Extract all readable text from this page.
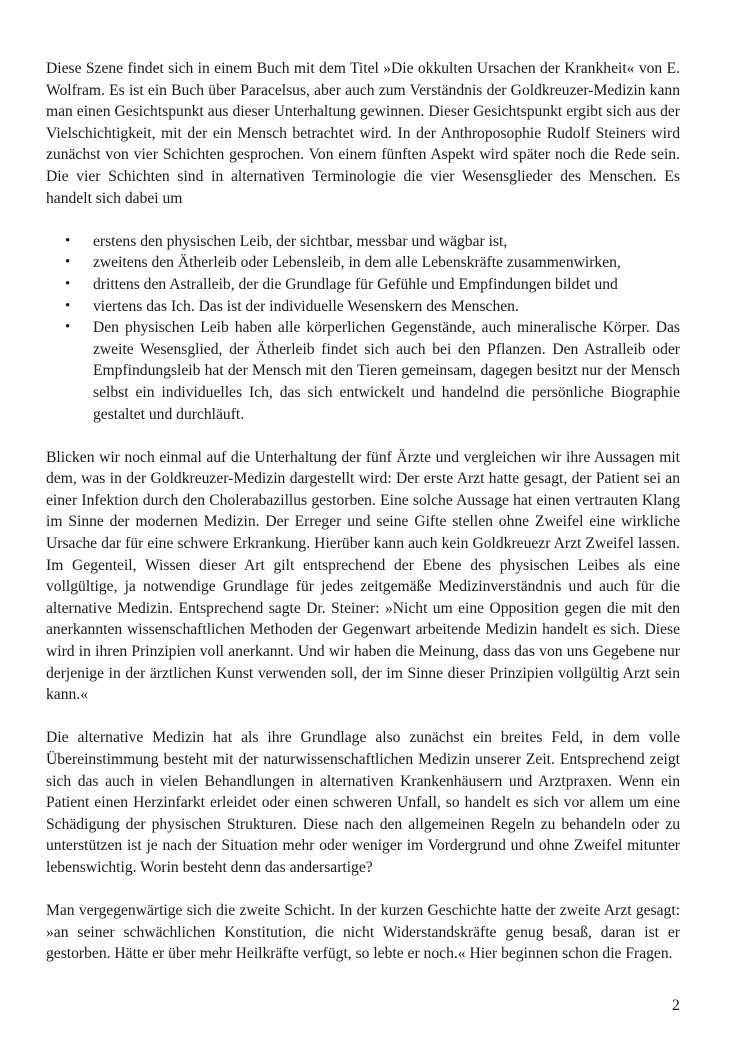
Diese Szene findet sich in einem Buch mit dem Titel »Die okkulten Ursachen der Krankheit« von E. Wolfram. Es ist ein Buch über Paracelsus, aber auch zum Verständnis der Goldkreuzer-Medizin kann man einen Gesichtspunkt aus dieser Unterhaltung gewinnen. Dieser Gesichtspunkt ergibt sich aus der Vielschichtigkeit, mit der ein Mensch betrachtet wird. In der Anthroposophie Rudolf Steiners wird zunächst von vier Schichten gesprochen. Von einem fünften Aspekt wird später noch die Rede sein. Die vier Schichten sind in alternativen Terminologie die vier Wesensglieder des Menschen. Es handelt sich dabei um

• erstens den physischen Leib, der sichtbar, messbar und wägbar ist,
• zweitens den Ätherleib oder Lebensleib, in dem alle Lebenskräfte zusammenwirken,
• drittens den Astralleib, der die Grundlage für Gefühle und Empfindungen bildet und
• viertens das Ich. Das ist der individuelle Wesenskern des Menschen.
• Den physischen Leib haben alle körperlichen Gegenstände, auch mineralische Körper. Das zweite Wesensglied, der Ätherleib findet sich auch bei den Pflanzen. Den Astralleib oder Empfindungsleib hat der Mensch mit den Tieren gemeinsam, dagegen besitzt nur der Mensch selbst ein individuelles Ich, das sich entwickelt und handelnd die persönliche Biographie gestaltet und durchläuft.

Blicken wir noch einmal auf die Unterhaltung der fünf Ärzte und vergleichen wir ihre Aussagen mit dem, was in der Goldkreuzer-Medizin dargestellt wird: Der erste Arzt hatte gesagt, der Patient sei an einer Infektion durch den Cholerabazillus gestorben. Eine solche Aussage hat einen vertrauten Klang im Sinne der modernen Medizin. Der Erreger und seine Gifte stellen ohne Zweifel eine wirkliche Ursache dar für eine schwere Erkrankung. Hierüber kann auch kein Goldkreuezr Arzt Zweifel lassen. Im Gegenteil, Wissen dieser Art gilt entsprechend der Ebene des physischen Leibes als eine vollgültige, ja notwendige Grundlage für jedes zeitgemäße Medizinverständnis und auch für die alternative Medizin. Entsprechend sagte Dr. Steiner: »Nicht um eine Opposition gegen die mit den anerkannten wissenschaftlichen Methoden der Gegenwart arbeitende Medizin handelt es sich. Diese wird in ihren Prinzipien voll anerkannt. Und wir haben die Meinung, dass das von uns Gegebene nur derjenige in der ärztlichen Kunst verwenden soll, der im Sinne dieser Prinzipien vollgültig Arzt sein kann.«

Die alternative Medizin hat als ihre Grundlage also zunächst ein breites Feld, in dem volle Übereinstimmung besteht mit der naturwissenschaftlichen Medizin unserer Zeit. Entsprechend zeigt sich das auch in vielen Behandlungen in alternativen Krankenhäusern und Arztpraxen. Wenn ein Patient einen Herzinfarkt erleidet oder einen schweren Unfall, so handelt es sich vor allem um eine Schädigung der physischen Strukturen. Diese nach den allgemeinen Regeln zu behandeln oder zu unterstützen ist je nach der Situation mehr oder weniger im Vordergrund und ohne Zweifel mitunter lebenswichtig. Worin besteht denn das andersartige?

Man vergegenwärtige sich die zweite Schicht. In der kurzen Geschichte hatte der zweite Arzt gesagt: »an seiner schwächlichen Konstitution, die nicht Widerstandskräfte genug besaß, daran ist er gestorben. Hätte er über mehr Heilkräfte verfügt, so lebte er noch.« Hier beginnen schon die Fragen.

2
